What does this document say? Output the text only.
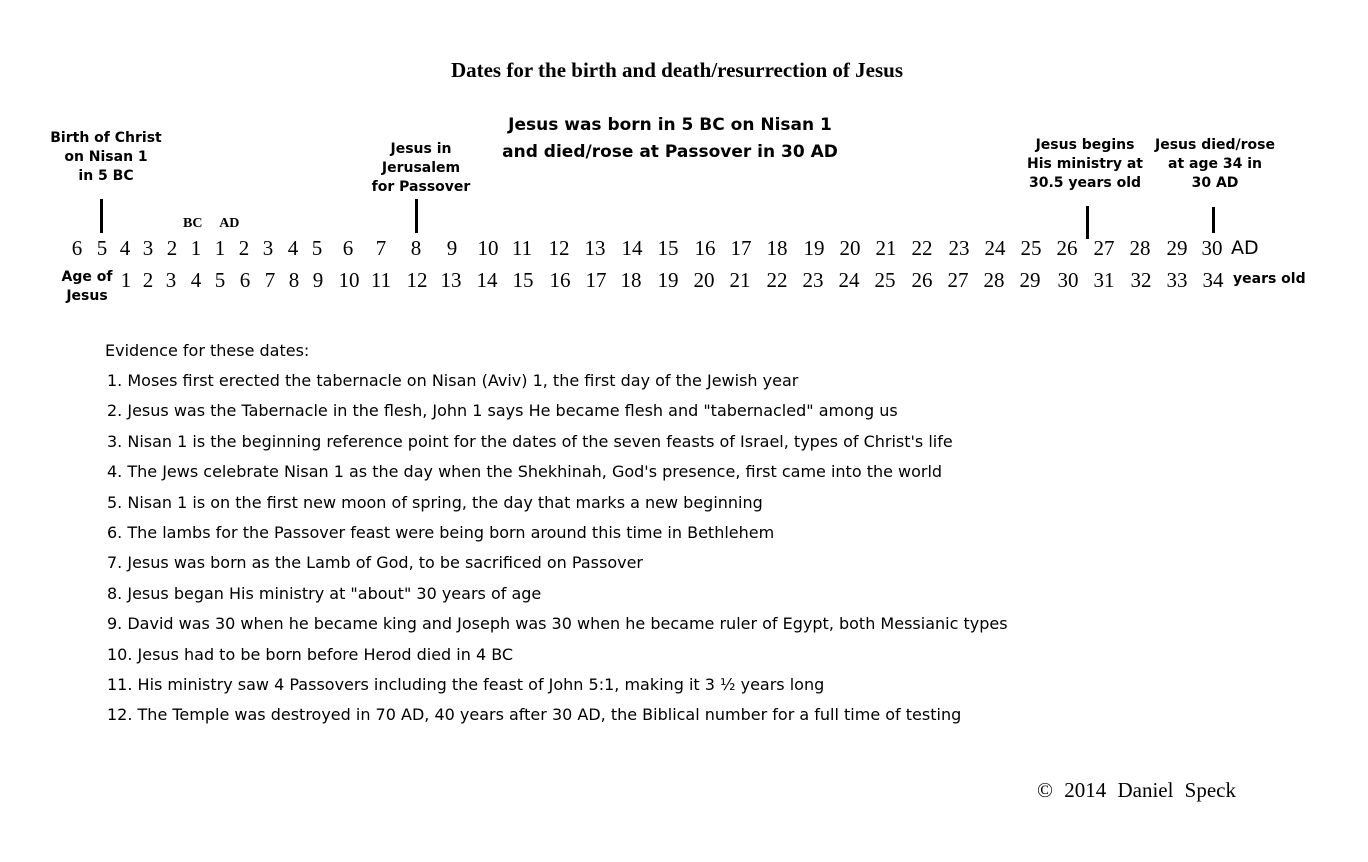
Dates for the birth and death/resurrection of Jesus
Jesus was born in 5 BC on Nisan 1
and died/rose at Passover in 30 AD
Birth of Christ
on Nisan 1
in 5 BC
Jesus in
Jerusalem
for Passover
Jesus begins
His ministry at
30.5 years old
Jesus died/rose
at age 34 in
30 AD
BC AD
6 5 4 3 2 1 1 2 3 4 5 6 7 8 9 10 11 12 13 14 15 16 17 18 19 20 21 22 23 24 25 26 27 28 29 30 AD
Age of
Jesus
1 2 3 4 5 6 7 8 9 10 11 12 13 14 15 16 17 18 19 20 21 22 23 24 25 26 27 28 29 30 31 32 33 34 years old
Evidence for these dates:
1. Moses first erected the tabernacle on Nisan (Aviv) 1, the first day of the Jewish year
2. Jesus was the Tabernacle in the flesh, John 1 says He became flesh and "tabernacled" among us
3. Nisan 1 is the beginning reference point for the dates of the seven feasts of Israel, types of Christ's life
4. The Jews celebrate Nisan 1 as the day when the Shekhinah, God's presence, first came into the world
5. Nisan 1 is on the first new moon of spring, the day that marks a new beginning
6. The lambs for the Passover feast were being born around this time in Bethlehem
7. Jesus was born as the Lamb of God, to be sacrificed on Passover
8. Jesus began His ministry at "about" 30 years of age
9. David was 30 when he became king and Joseph was 30 when he became ruler of Egypt, both Messianic types
10. Jesus had to be born before Herod died in 4 BC
11. His ministry saw 4 Passovers including the feast of John 5:1, making it 3 ½ years long
12. The Temple was destroyed in 70 AD, 40 years after 30 AD, the Biblical number for a full time of testing
© 2014 Daniel Speck
